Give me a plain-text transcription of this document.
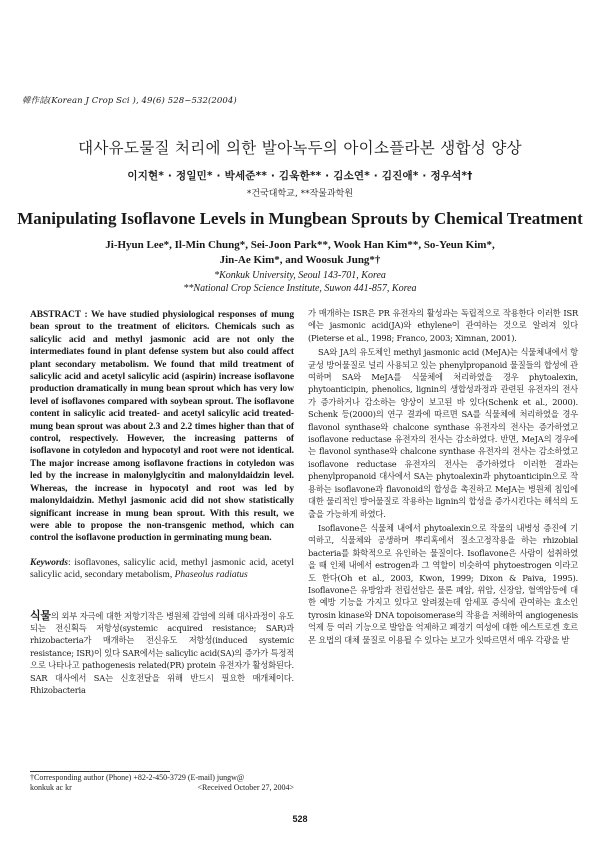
韓作誌(Korean J Crop Sci ), 49(6) 528~532(2004)
대사유도물질 처리에 의한 발아녹두의 아이소플라본 생합성 양상
이지현* · 정일민* · 박세준** · 김욱한** · 김소연* · 김진애* · 정우석*†
*건국대학교, **작물과학원
Manipulating Isoflavone Levels in Mungbean Sprouts by Chemical Treatment
Ji-Hyun Lee*, Il-Min Chung*, Sei-Joon Park**, Wook Han Kim**, So-Yeun Kim*,
Jin-Ae Kim*, and Woosuk Jung*†
*Konkuk University, Seoul 143-701, Korea
**National Crop Science Institute, Suwon 441-857, Korea

ABSTRACT : We have studied physiological responses of mung bean sprout to the treatment of elicitors. Chemicals such as salicylic acid and methyl jasmonic acid are not only the intermediates found in plant defense system but also could affect plant secondary metabolism. We found that mild treatment of salicylic acid and acetyl salicylic acid (aspirin) increase isoflavone production dramatically in mung bean sprout which has very low level of isoflavones compared with soybean sprout. The isoflavone content in salicylic acid treated- and acetyl salicylic acid treated-mung bean sprout was about 2.3 and 2.2 times higher than that of control, respectively. However, the increasing patterns of isoflavone in cotyledon and hypocotyl and root were not identical. The major increase among isoflavone fractions in cotyledon was led by the increase in malonylglycitin and malonyldaidzin level. Whereas, the increase in hypocotyl and root was led by malonyldaidzin. Methyl jasmonic acid did not show statistically significant increase in mung bean sprout. With this result, we were able to propose the non-transgenic method, which can control the isoflavone production in germinating mung bean.

Keywords: isoflavones, salicylic acid, methyl jasmonic acid, acetyl salicylic acid, secondary metabolism, Phaseolus radiatus

식물의 외부 자극에 대한 저항기작은 병원체 감염에 의해 대사과정이 유도되는 전신획득 저항성(systemic acquired resistance; SAR)과 rhizobacteria가 매개하는 전신유도 저항성(induced systemic resistance; ISR)이 있다 SAR에서는 salicylic acid(SA)의 증가가 특정적으로 나타나고 pathogenesis related(PR) protein 유전자가 활성화된다. SAR 대사에서 SA는 신호전달을 위해 반드시 필요한 매개체이다. Rhizobacteria

가 매개하는 ISR은 PR 유전자의 활성과는 독립적으로 작용한다 이러한 ISR에는 jasmonic acid(JA)와 ethylene이 관여하는 것으로 알려져 있다(Pieterse et al., 1998; Franco, 2003; Ximnan, 2001).

SA와 JA의 유도체인 methyl jasmonic acid (MeJA)는 식물체내에서 항균성 방어물질로 널리 사용되고 있는 phenylpropanoid 물질들의 합성에 관여하며 SA와 MeJA를 식물체에 처리하였을 경우 phytoalexin, phytoanticipin, phenolics, lignin의 생합성과정과 관련된 유전자의 전사가 증가하거나 감소하는 양상이 보고된 바 있다(Schenk et al., 2000). Schenk 등(2000)의 연구 결과에 따르면 SA를 식물체에 처리하였을 경우 flavonol synthase와 chalcone synthase 유전자의 전사는 증가하였고 isoflavone reductase 유전자의 전사는 감소하였다. 반면, MeJA의 경우에는 flavonol synthase와 chalcone synthase 유전자의 전사는 감소하였고 isoflavone reductase 유전자의 전사는 증가하였다 이러한 결과는 phenylpropanoid 대사에서 SA는 phytoalexin과 phytoanticipin으로 작용하는 isoflavone과 flavonoid의 합성을 촉진하고 MeJA는 병원체 침입에 대한 물리적인 방어물질로 작용하는 lignin의 합성을 증가시킨다는 해석의 도출을 가능하게 하였다.

Isoflavone은 식물체 내에서 phytoalexin으로 작물의 내병성 증진에 기여하고, 식물체와 공생하며 뿌리혹에서 질소고정작용을 하는 rhizobial bacteria를 화학적으로 유인하는 물질이다. Isoflavone은 사람이 섭취하였을 때 인체 내에서 estrogen과 그 역할이 비슷하여 phytoestrogen 이라고도 한다(Oh et al., 2003, Kwon, 1999; Dixon & Paiva, 1995). Isoflavone은 유방암과 전립선암은 물론 폐암, 위암, 신장암, 혈액암등에 대한 예방 기능을 가지고 있다고 알려졌는데 암세포 증식에 관여하는 효소인 tyrosin kinase와 DNA topoisomerase의 작용을 저해하여 angiogenesis 억제 등 여러 기능으로 발암을 억제하고 폐경기 여성에 대한 에스트로겐 호르몬 요법의 대체 물질로 이용될 수 있다는 보고가 잇따르면서 매우 각광을 받

†Corresponding author (Phone) +82-2-450-3729 (E-mail) jungw@
konkuk ac kr	<Received October 27, 2004>
528
